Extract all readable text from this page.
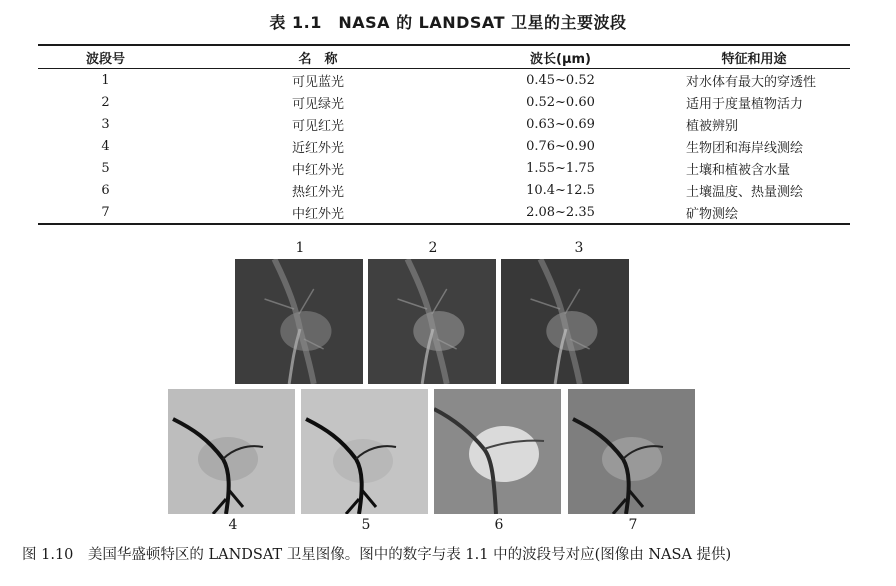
表 1.1　NASA 的 LANDSAT 卫星的主要波段
波段号	名　称	波长(μm)	特征和用途
1	可见蓝光	0.45~0.52	对水体有最大的穿透性
2	可见绿光	0.52~0.60	适用于度量植物活力
3	可见红光	0.63~0.69	植被辨别
4	近红外光	0.76~0.90	生物团和海岸线测绘
5	中红外光	1.55~1.75	土壤和植被含水量
6	热红外光	10.4~12.5	土壤温度、热量测绘
7	中红外光	2.08~2.35	矿物测绘
1	2	3
4	5	6	7
图 1.10　美国华盛顿特区的 LANDSAT 卫星图像。图中的数字与表 1.1 中的波段号对应(图像由 NASA 提供)
